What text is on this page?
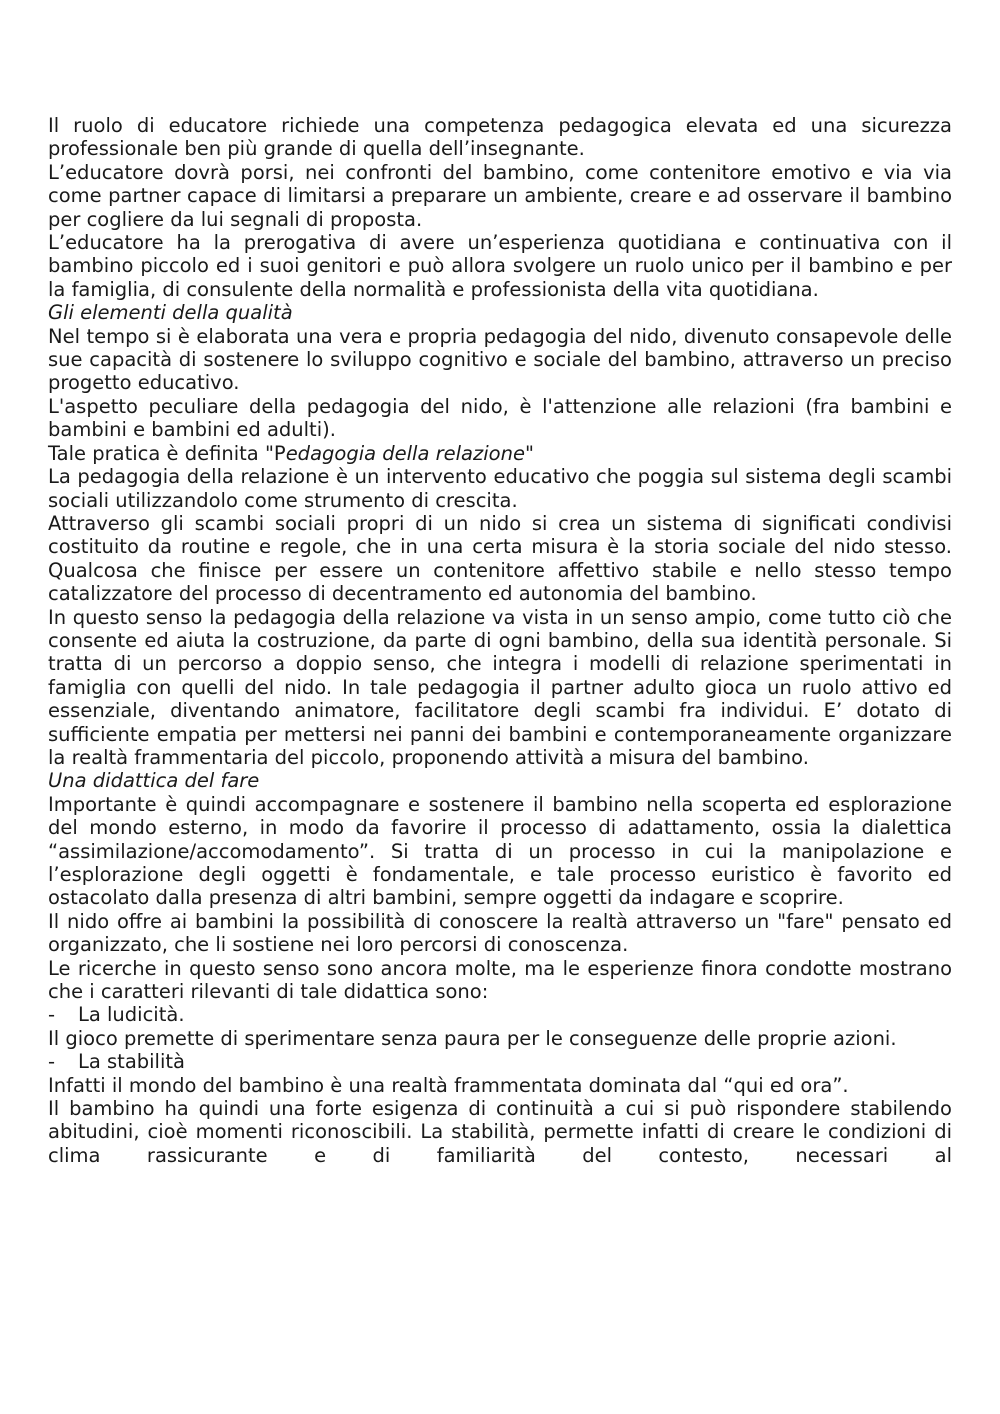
Il ruolo di educatore richiede una competenza pedagogica elevata ed una sicurezza professionale ben più grande di quella dell’insegnante.

L’educatore dovrà porsi, nei confronti del bambino, come contenitore emotivo e via via come partner capace di limitarsi a preparare un ambiente, creare e ad osservare il bambino per cogliere da lui segnali di proposta.

L’educatore ha la prerogativa di avere un’esperienza quotidiana e continuativa con il bambino piccolo ed i suoi genitori e può allora svolgere un ruolo unico per il bambino e per la famiglia, di consulente della normalità e professionista della vita quotidiana.

Gli elementi della qualità

Nel tempo si è elaborata una vera e propria pedagogia del nido, divenuto consapevole delle sue capacità di sostenere lo sviluppo cognitivo e sociale del bambino, attraverso un preciso progetto educativo.

L'aspetto peculiare della pedagogia del nido, è l'attenzione alle relazioni (fra bambini e bambini e bambini ed adulti).

Tale pratica è definita "Pedagogia della relazione"

La pedagogia della relazione è un intervento educativo che poggia sul sistema degli scambi sociali utilizzandolo come strumento di crescita.

Attraverso gli scambi sociali propri di un nido si crea un sistema di significati condivisi costituito da routine e regole, che in una certa misura è la storia sociale del nido stesso. Qualcosa che finisce per essere un contenitore affettivo stabile e nello stesso tempo catalizzatore del processo di decentramento ed autonomia del bambino.

In questo senso la pedagogia della relazione va vista in un senso ampio, come tutto ciò che consente ed aiuta la costruzione, da parte di ogni bambino, della sua identità personale. Si tratta di un percorso a doppio senso, che integra i modelli di relazione sperimentati in famiglia con quelli del nido. In tale pedagogia il partner adulto gioca un ruolo attivo ed essenziale, diventando animatore, facilitatore degli scambi fra individui. E’ dotato di sufficiente empatia per mettersi nei panni dei bambini e contemporaneamente organizzare la realtà frammentaria del piccolo, proponendo attività a misura del bambino.

Una didattica del fare

Importante è quindi accompagnare e sostenere il bambino nella scoperta ed esplorazione del mondo esterno, in modo da favorire il processo di adattamento, ossia la dialettica “assimilazione/accomodamento”. Si tratta di un processo in cui la manipolazione e l’esplorazione degli oggetti è fondamentale, e tale processo euristico è favorito ed ostacolato dalla presenza di altri bambini, sempre oggetti da indagare e scoprire.

Il nido offre ai bambini la possibilità di conoscere la realtà attraverso un "fare" pensato ed organizzato, che li sostiene nei loro percorsi di conoscenza.

Le ricerche in questo senso sono ancora molte, ma le esperienze finora condotte mostrano che i caratteri rilevanti di tale didattica sono:

-	La ludicità.

Il gioco premette di sperimentare senza paura per le conseguenze delle proprie azioni.

-	La stabilità

Infatti il mondo del bambino è una realtà frammentata dominata dal “qui ed ora”.

Il bambino ha quindi una forte esigenza di continuità a cui si può rispondere stabilendo abitudini, cioè momenti riconoscibili. La stabilità, permette infatti di creare le condizioni di clima rassicurante e di familiarità del contesto, necessari al
